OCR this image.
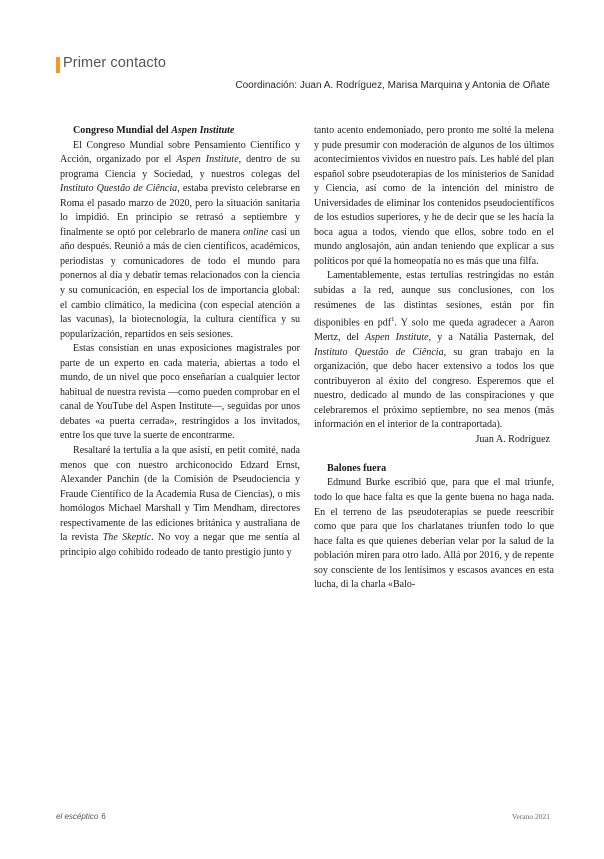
Primer contacto
Coordinación: Juan A. Rodríguez, Marisa Marquina y Antonia de Oñate
Congreso Mundial del Aspen Institute

El Congreso Mundial sobre Pensamiento Científico y Acción, organizado por el Aspen Institute, dentro de su programa Ciencia y Sociedad, y nuestros colegas del Instituto Questão de Ciência, estaba previsto celebrarse en Roma el pasado marzo de 2020, pero la situación sanitaria lo impidió. En principio se retrasó a septiembre y finalmente se optó por celebrarlo de manera online casi un año después. Reunió a más de cien científicos, académicos, periodistas y comunicadores de todo el mundo para ponernos al día y debatir temas relacionados con la ciencia y su comunicación, en especial los de importancia global: el cambio climático, la medicina (con especial atención a las vacunas), la biotecnología, la cultura científica y su popularización, repartidos en seis sesiones.

Estas consistían en unas exposiciones magistrales por parte de un experto en cada materia, abiertas a todo el mundo, de un nivel que poco enseñarían a cualquier lector habitual de nuestra revista —como pueden comprobar en el canal de YouTube del Aspen Institute—, seguidas por unos debates «a puerta cerrada», restringidos a los invitados, entre los que tuve la suerte de encontrarme.

Resaltaré la tertulia a la que asistí, en petit comité, nada menos que con nuestro archiconocido Edzard Ernst, Alexander Panchin (de la Comisión de Pseudociencia y Fraude Científico de la Academia Rusa de Ciencias), o mis homólogos Michael Marshall y Tim Mendham, directores respectivamente de las ediciones británica y australiana de la revista The Skeptic. No voy a negar que me sentía al principio algo cohibido rodeado de tanto prestigio junto y

tanto acento endemoniado, pero pronto me solté la melena y pude presumir con moderación de algunos de los últimos acontecimientos vividos en nuestro país. Les hablé del plan español sobre pseudoterapias de los ministerios de Sanidad y Ciencia, así como de la intención del ministro de Universidades de eliminar los contenidos pseudocientíficos de los estudios superiores, y he de decir que se les hacía la boca agua a todos, viendo que ellos, sobre todo en el mundo anglosajón, aún andan teniendo que explicar a sus políticos por qué la homeopatía no es más que una filfa.

Lamentablemente, estas tertulias restringidas no están subidas a la red, aunque sus conclusiones, con los resúmenes de las distintas sesiones, están por fin disponibles en pdf$^1$. Y solo me queda agradecer a Aaron Mertz, del Aspen Institute, y a Natália Pasternak, del Instituto Questão de Ciência, su gran trabajo en la organización, que debo hacer extensivo a todos los que contribuyeron al éxito del congreso. Esperemos que el nuestro, dedicado al mundo de las conspiraciones y que celebraremos el próximo septiembre, no sea menos (más información en el interior de la contraportada).

Juan A. Rodríguez

Balones fuera

Edmund Burke escribió que, para que el mal triunfe, todo lo que hace falta es que la gente buena no haga nada. En el terreno de las pseudoterapias se puede reescribir como que para que los charlatanes triunfen todo lo que hace falta es que quienes deberían velar por la salud de la población miren para otro lado. Allá por 2016, y de repente soy consciente de los lentísimos y escasos avances en esta lucha, di la charla «Balo-

el escéptico 6	Verano 2021
